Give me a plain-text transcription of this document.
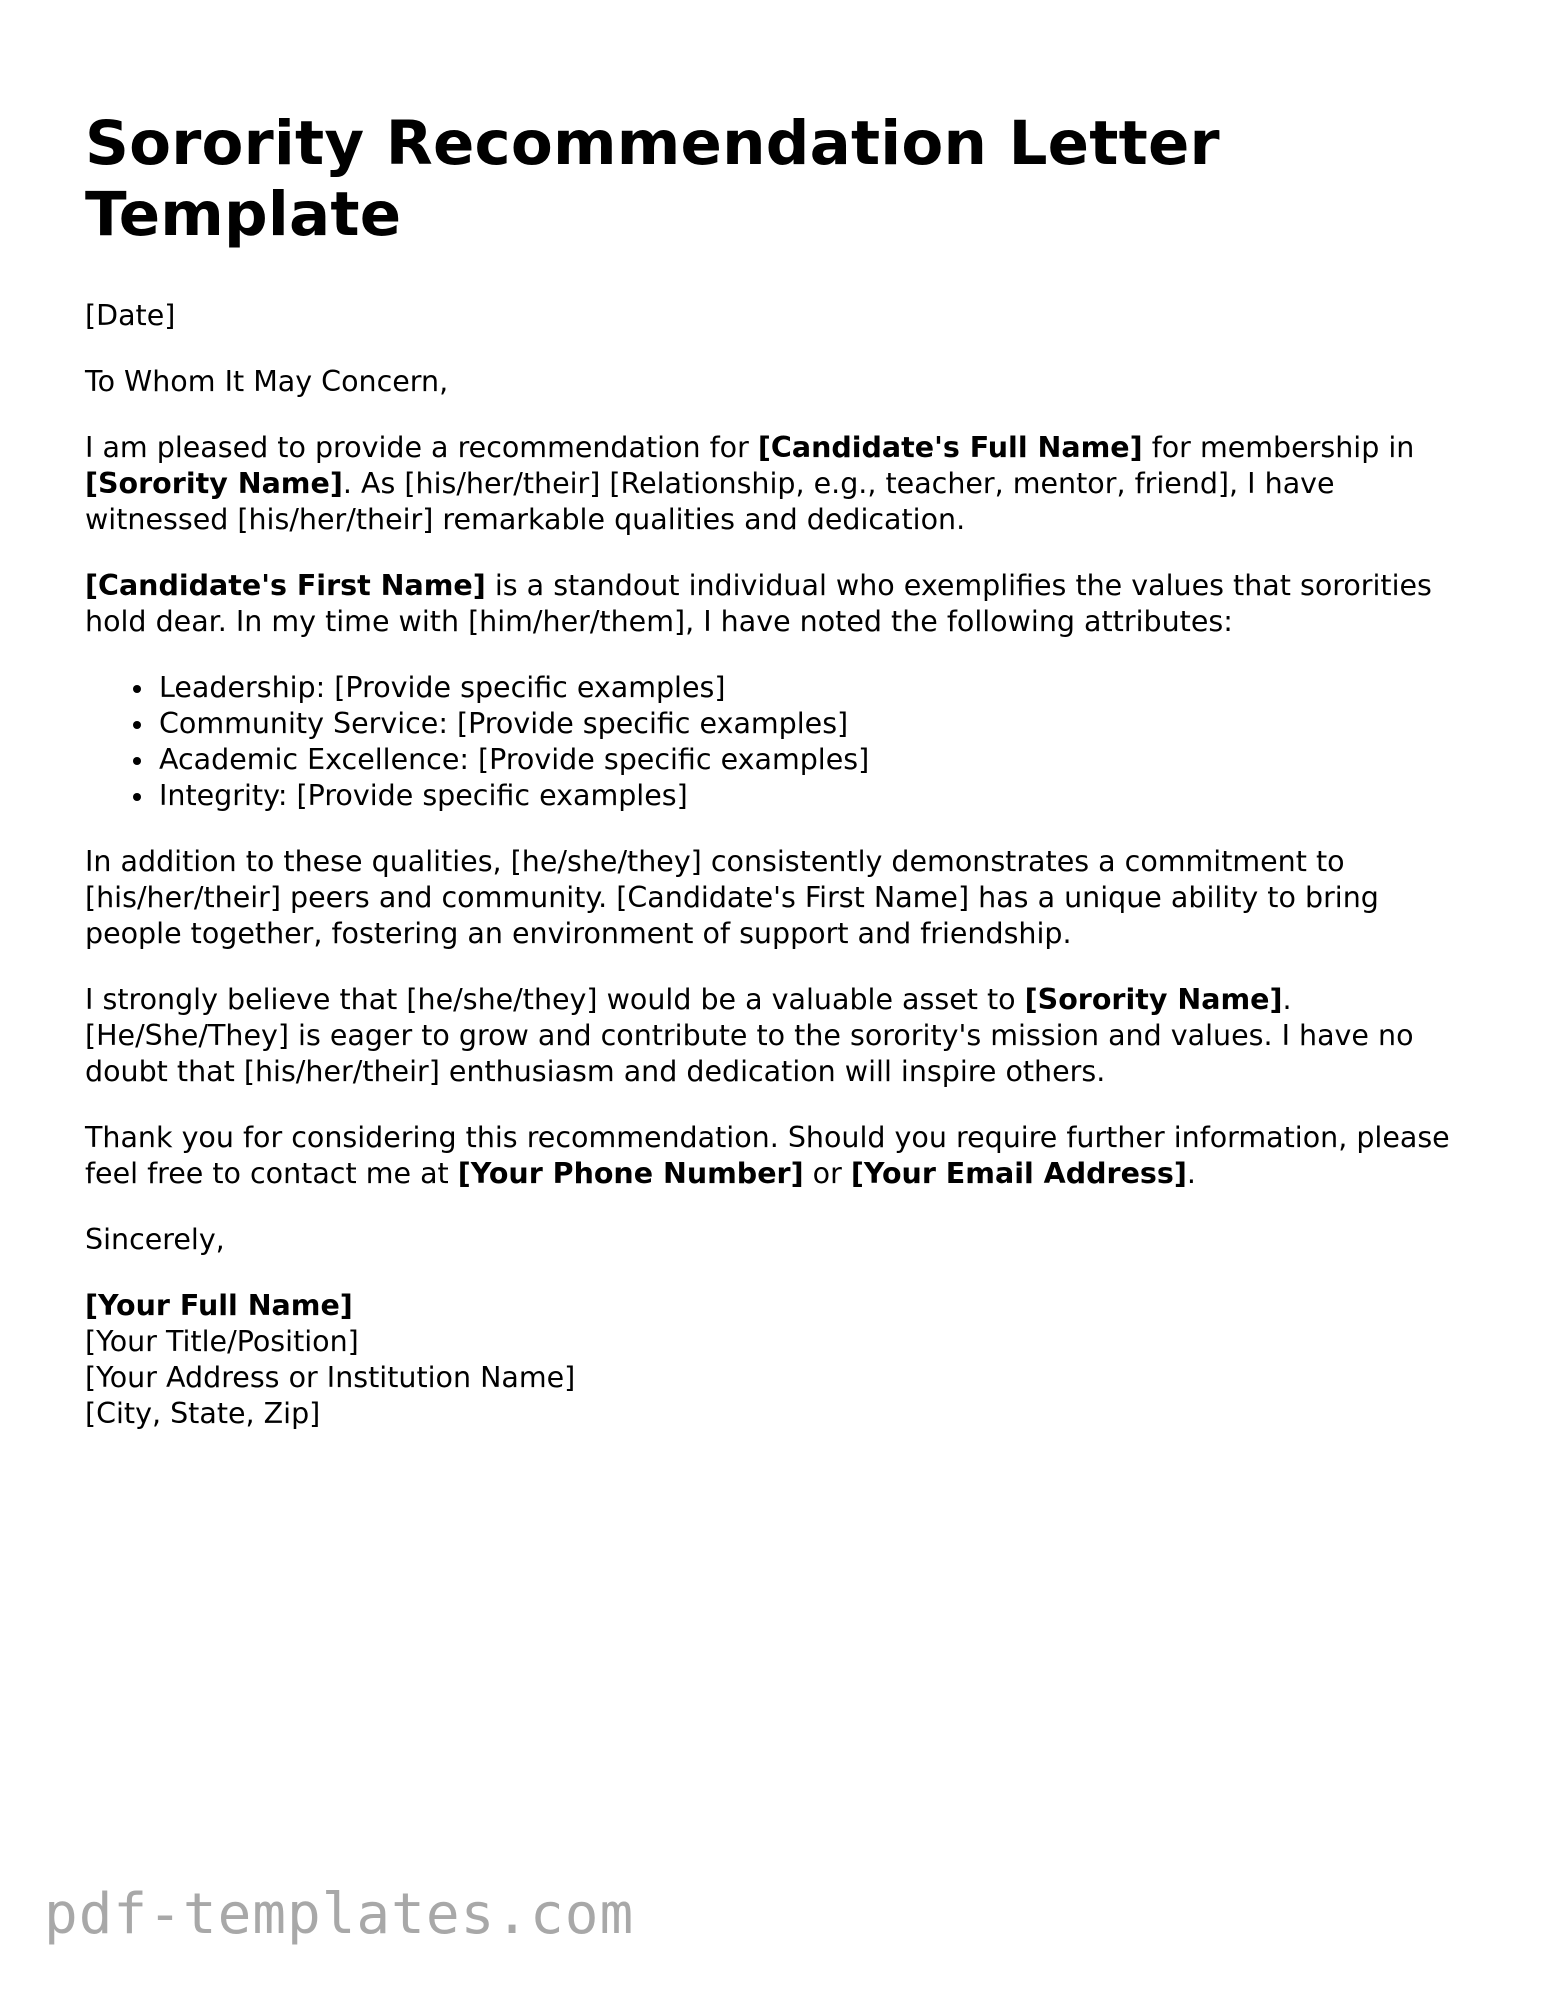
Sorority Recommendation Letter Template

[Date]

To Whom It May Concern,

I am pleased to provide a recommendation for [Candidate's Full Name] for membership in [Sorority Name]. As [his/her/their] [Relationship, e.g., teacher, mentor, friend], I have witnessed [his/her/their] remarkable qualities and dedication.

[Candidate's First Name] is a standout individual who exemplifies the values that sororities hold dear. In my time with [him/her/them], I have noted the following attributes:

Leadership: [Provide specific examples]
Community Service: [Provide specific examples]
Academic Excellence: [Provide specific examples]
Integrity: [Provide specific examples]

In addition to these qualities, [he/she/they] consistently demonstrates a commitment to [his/her/their] peers and community. [Candidate's First Name] has a unique ability to bring people together, fostering an environment of support and friendship.

I strongly believe that [he/she/they] would be a valuable asset to [Sorority Name]. [He/She/They] is eager to grow and contribute to the sorority's mission and values. I have no doubt that [his/her/their] enthusiasm and dedication will inspire others.

Thank you for considering this recommendation. Should you require further information, please feel free to contact me at [Your Phone Number] or [Your Email Address].

Sincerely,

[Your Full Name]

[Your Title/Position]

[Your Address or Institution Name]

[City, State, Zip]

pdf-templates.com
